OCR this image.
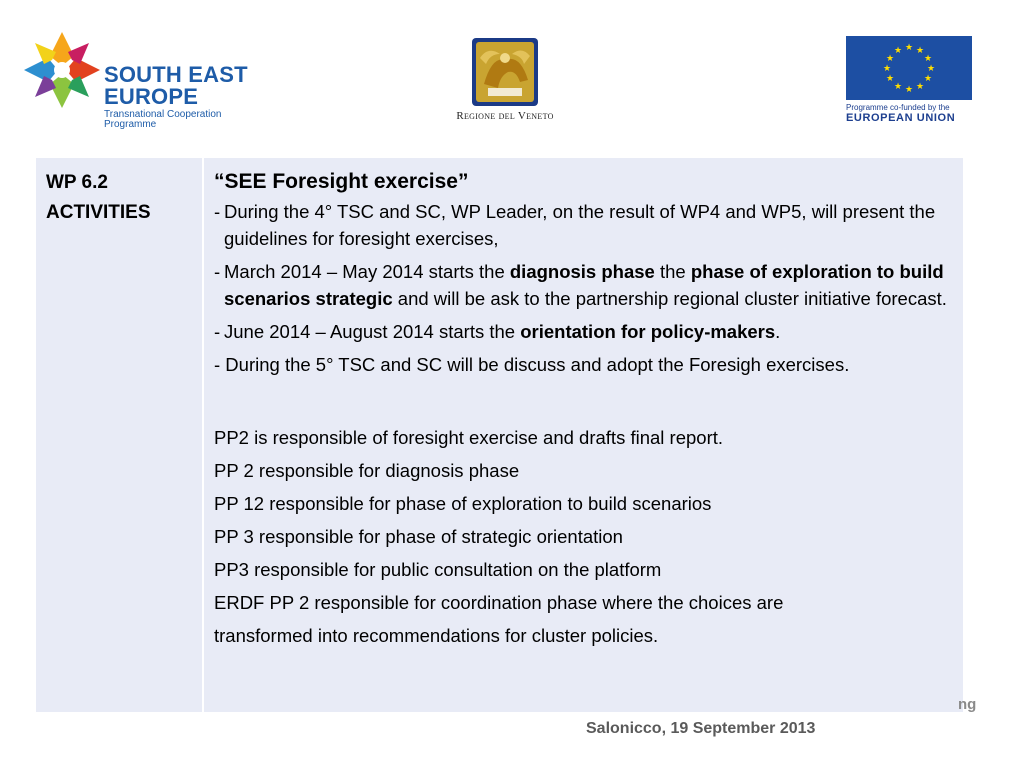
SOUTH EAST
EUROPE
Transnational Cooperation Programme
Regione del Veneto
★ ★
★
★
★
★
★
★
★
★
★
★
Programme co-funded by the
EUROPEAN UNION
WP 6.2
ACTIVITIES
“SEE Foresight exercise”
- During the 4° TSC and SC, WP Leader, on the result of WP4 and WP5, will present the guidelines for foresight exercises,
- March 2014 – May 2014 starts the diagnosis phase the phase of exploration to build scenarios strategic and will be ask to the partnership regional cluster initiative forecast.
- June 2014 – August 2014 starts the orientation for policy-makers.
- During the 5° TSC and SC will be discuss and adopt the Foresigh exercises.
PP2 is responsible of foresight exercise and drafts final report.
PP 2 responsible for diagnosis phase
PP 12 responsible for phase of exploration to build scenarios
PP 3 responsible for phase of strategic orientation
PP3 responsible for public consultation on the platform
ERDF PP 2 responsible for coordination phase where the choices are
transformed into recommendations for cluster policies.
ng
Salonicco, 19 September 2013
